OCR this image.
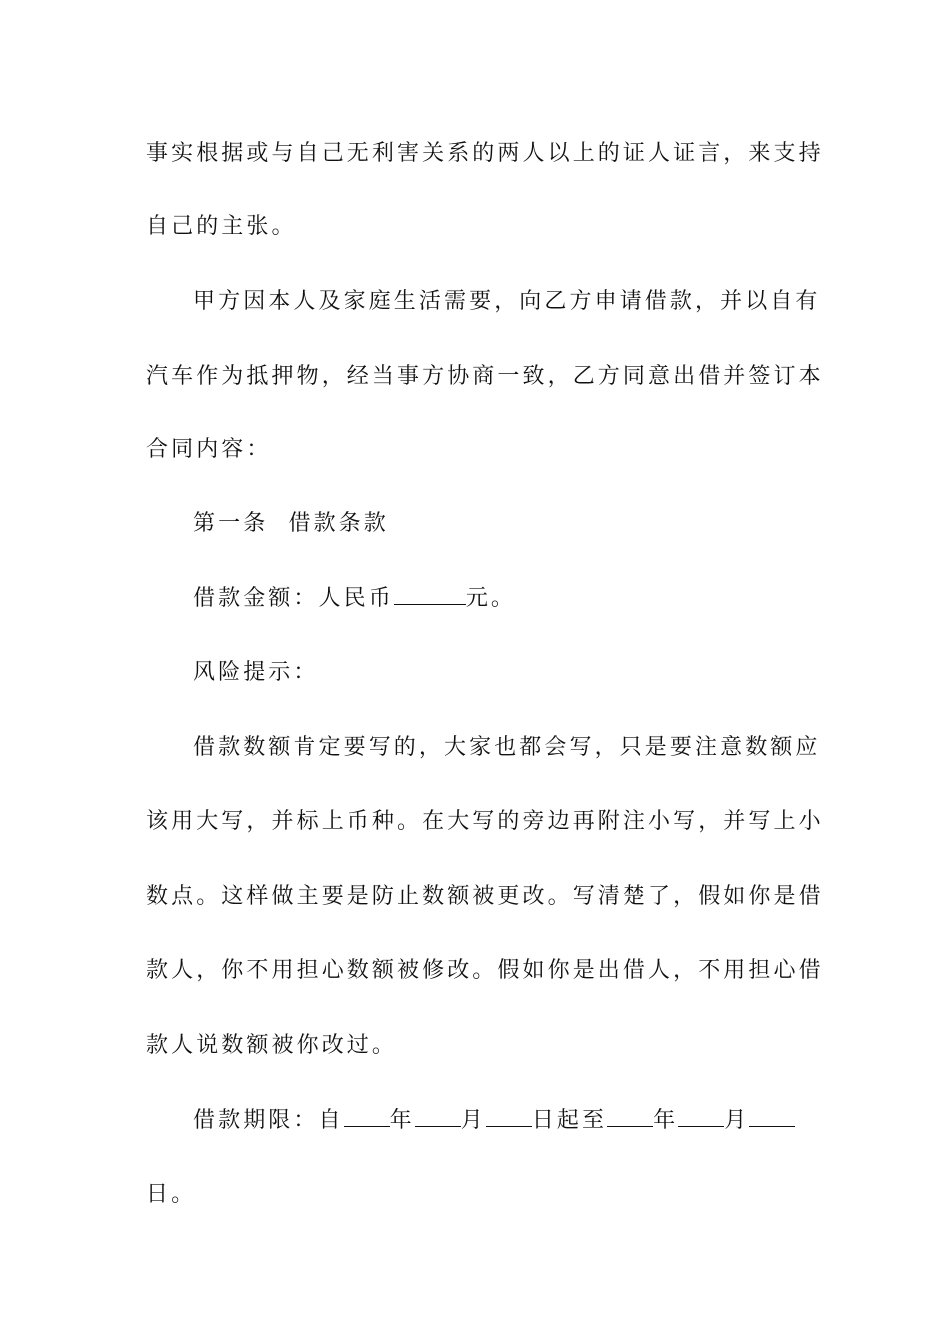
事实根据或与自己无利害关系的两人以上的证人证言，来支持
自己的主张。
甲方因本人及家庭生活需要，向乙方申请借款，并以自有
汽车作为抵押物，经当事方协商一致，乙方同意出借并签订本
合同内容：
第一条  借款条款
借款金额：人民币	元。
风险提示：
借款数额肯定要写的，大家也都会写，只是要注意数额应
该用大写，并标上币种。在大写的旁边再附注小写，并写上小
数点。这样做主要是防止数额被更改。写清楚了，假如你是借
款人，你不用担心数额被修改。假如你是出借人，不用担心借
款人说数额被你改过。
借款期限：自 年 月 日起至 年 月
日。
